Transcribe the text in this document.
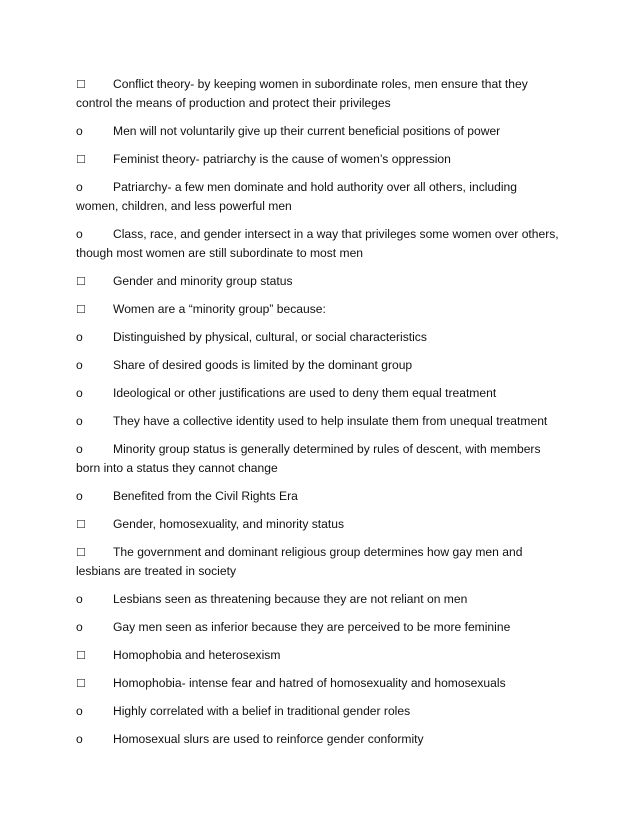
☐ Conflict theory- by keeping women in subordinate roles, men ensure that they control the means of production and protect their privileges

o	Men will not voluntarily give up their current beneficial positions of power

☐ Feminist theory- patriarchy is the cause of women’s oppression

o	Patriarchy- a few men dominate and hold authority over all others, including women, children, and less powerful men

o	Class, race, and gender intersect in a way that privileges some women over others, though most women are still subordinate to most men

☐ Gender and minority group status

☐ Women are a “minority group” because:

o	Distinguished by physical, cultural, or social characteristics

o	Share of desired goods is limited by the dominant group

o	Ideological or other justifications are used to deny them equal treatment

o	They have a collective identity used to help insulate them from unequal treatment

o	Minority group status is generally determined by rules of descent, with members born into a status they cannot change

o	Benefited from the Civil Rights Era

☐ Gender, homosexuality, and minority status

☐ The government and dominant religious group determines how gay men and lesbians are treated in society

o	Lesbians seen as threatening because they are not reliant on men

o	Gay men seen as inferior because they are perceived to be more feminine

☐ Homophobia and heterosexism

☐ Homophobia- intense fear and hatred of homosexuality and homosexuals

o	Highly correlated with a belief in traditional gender roles

o	Homosexual slurs are used to reinforce gender conformity
